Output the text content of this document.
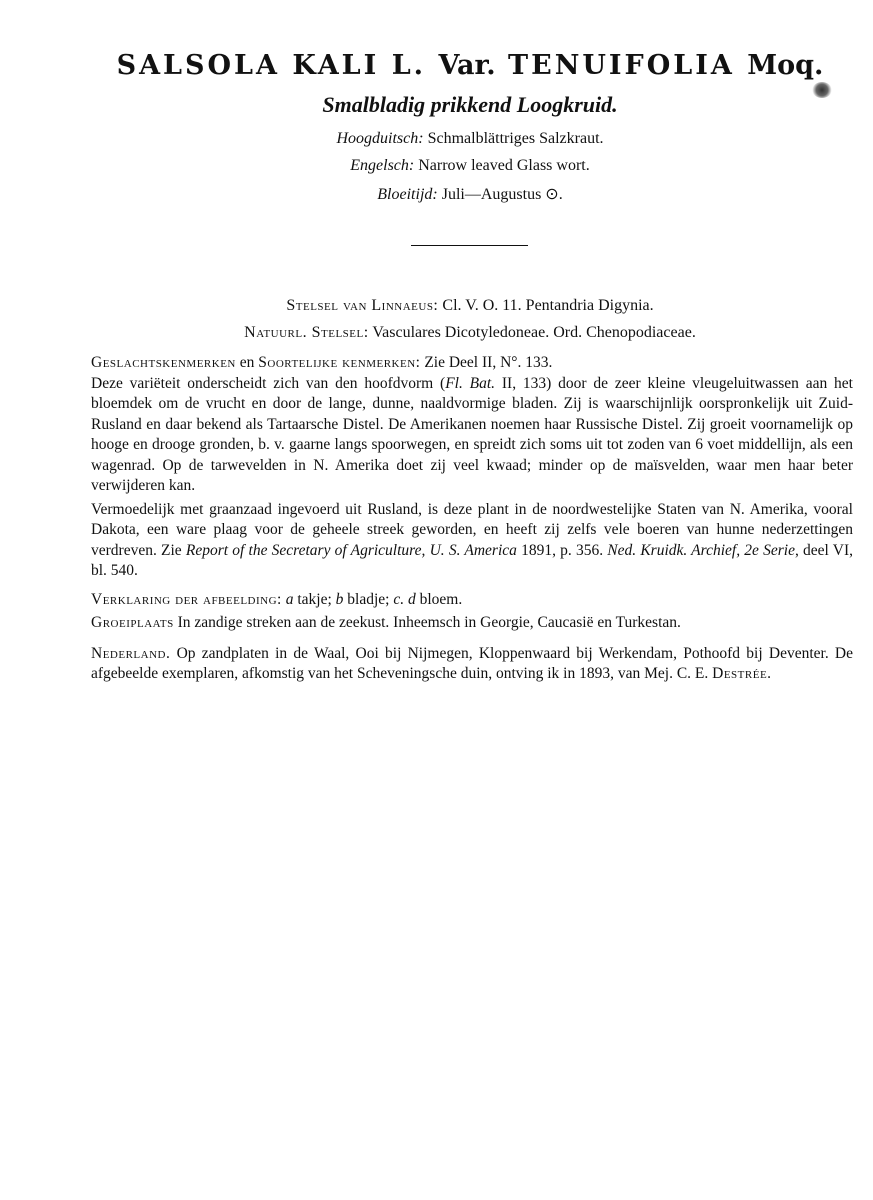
SALSOLA KALI L. Var. TENUIFOLIA Moq.
Smalbladig prikkend Loogkruid.
Hoogduitsch: Schmalblättriges Salzkraut.
Engelsch: Narrow leaved Glass wort.
Bloeitijd: Juli—Augustus ⊙.
Stelsel van Linnaeus: Cl. V. O. 11. Pentandria Digynia.
Natuurl. Stelsel: Vasculares Dicotyledoneae. Ord. Chenopodiaceae.

Geslachtskenmerken en Soortelijke kenmerken: Zie Deel II, N°. 133.

Deze variëteit onderscheidt zich van den hoofdvorm (Fl. Bat. II, 133) door de zeer kleine vleugeluitwassen aan het bloemdek om de vrucht en door de lange, dunne, naaldvormige bladen. Zij is waarschijnlijk oorspronkelijk uit Zuid-Rusland en daar bekend als Tartaarsche Distel. De Amerikanen noemen haar Russische Distel. Zij groeit voornamelijk op hooge en drooge gronden, b. v. gaarne langs spoorwegen, en spreidt zich soms uit tot zoden van 6 voet middellijn, als een wagenrad. Op de tarwevelden in N. Amerika doet zij veel kwaad; minder op de maïsvelden, waar men haar beter verwijderen kan.

Vermoedelijk met graanzaad ingevoerd uit Rusland, is deze plant in de noordwestelijke Staten van N. Amerika, vooral Dakota, een ware plaag voor de geheele streek geworden, en heeft zij zelfs vele boeren van hunne nederzettingen verdreven. Zie Report of the Secretary of Agriculture, U. S. America 1891, p. 356. Ned. Kruidk. Archief, 2e Serie, deel VI, bl. 540.

Verklaring der afbeelding: a takje; b bladje; c. d bloem.

Groeiplaats In zandige streken aan de zeekust. Inheemsch in Georgie, Caucasië en Turkestan.

Nederland. Op zandplaten in de Waal, Ooi bij Nijmegen, Kloppenwaard bij Werkendam, Pothoofd bij Deventer. De afgebeelde exemplaren, afkomstig van het Scheveningsche duin, ontving ik in 1893, van Mej. C. E. Destrée.
